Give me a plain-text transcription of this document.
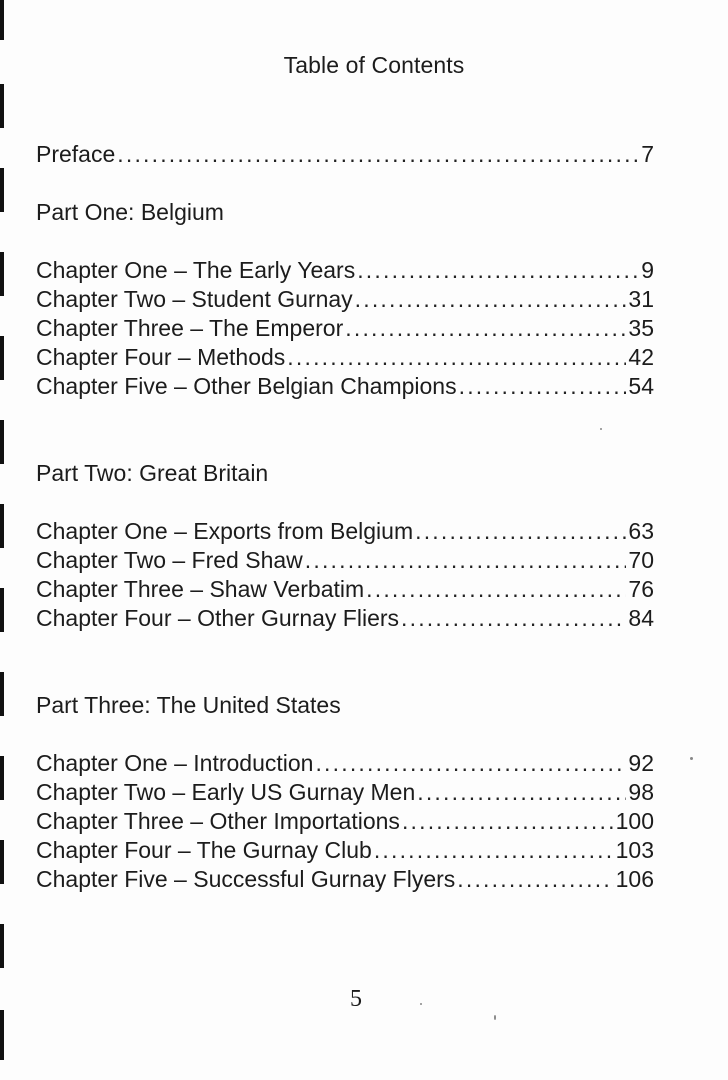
Table of Contents
Preface .....	7
Part One: Belgium
Chapter One – The Early Years .....	9
Chapter Two – Student Gurnay .....	31
Chapter Three – The Emperor .....	35
Chapter Four – Methods .....	42
Chapter Five – Other Belgian Champions .....	54
Part Two: Great Britain
Chapter One – Exports from Belgium .....	63
Chapter Two – Fred Shaw .....	70
Chapter Three – Shaw Verbatim .....	76
Chapter Four – Other Gurnay Fliers .....	84
Part Three: The United States
Chapter One – Introduction .....	92
Chapter Two – Early US Gurnay Men .....	98
Chapter Three – Other Importations .....	100
Chapter Four – The Gurnay Club .....	103
Chapter Five – Successful Gurnay Flyers .....	106
5
